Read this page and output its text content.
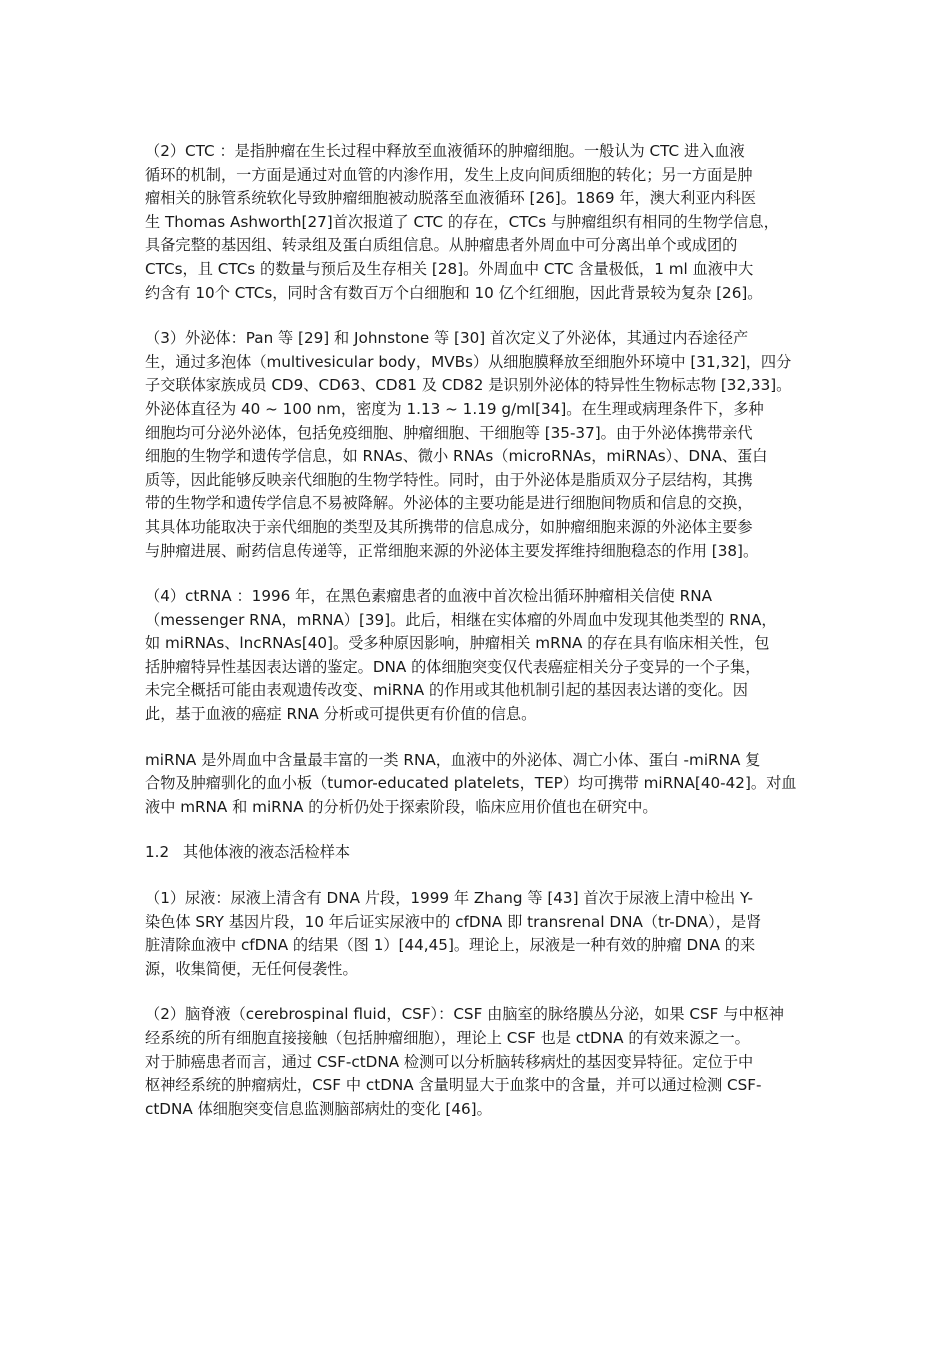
（2）CTC ：是指肿瘤在生长过程中释放至血液循环的肿瘤细胞。一般认为 CTC 进入血液
循环的机制，一方面是通过对血管的内渗作用，发生上皮向间质细胞的转化；另一方面是肿
瘤相关的脉管系统软化导致肿瘤细胞被动脱落至血液循环 [26]。1869 年，澳大利亚内科医
生 Thomas Ashworth[27]首次报道了 CTC 的存在，CTCs 与肿瘤组织有相同的生物学信息，
具备完整的基因组、转录组及蛋白质组信息。从肿瘤患者外周血中可分离出单个或成团的
CTCs，且 CTCs 的数量与预后及生存相关 [28]。外周血中 CTC 含量极低，1 ml 血液中大
约含有 10个 CTCs，同时含有数百万个白细胞和 10 亿个红细胞，因此背景较为复杂 [26]。
（3）外泌体：Pan 等 [29] 和 Johnstone 等 [30] 首次定义了外泌体，其通过内吞途径产
生，通过多泡体（multivesicular body，MVBs）从细胞膜释放至细胞外环境中 [31,32]，四分
子交联体家族成员 CD9、CD63、CD81 及 CD82 是识别外泌体的特异性生物标志物 [32,33]。
外泌体直径为 40 ~ 100 nm，密度为 1.13 ~ 1.19 g/ml[34]。在生理或病理条件下，多种
细胞均可分泌外泌体，包括免疫细胞、肿瘤细胞、干细胞等 [35-37]。由于外泌体携带亲代
细胞的生物学和遗传学信息，如 RNAs、微小 RNAs（microRNAs，miRNAs）、DNA、蛋白
质等，因此能够反映亲代细胞的生物学特性。同时，由于外泌体是脂质双分子层结构，其携
带的生物学和遗传学信息不易被降解。外泌体的主要功能是进行细胞间物质和信息的交换，
其具体功能取决于亲代细胞的类型及其所携带的信息成分，如肿瘤细胞来源的外泌体主要参
与肿瘤进展、耐药信息传递等，正常细胞来源的外泌体主要发挥维持细胞稳态的作用 [38]。
（4）ctRNA ：1996 年，在黑色素瘤患者的血液中首次检出循环肿瘤相关信使 RNA
（messenger RNA，mRNA）[39]。此后，相继在实体瘤的外周血中发现其他类型的 RNA，
如 miRNAs、lncRNAs[40]。受多种原因影响，肿瘤相关 mRNA 的存在具有临床相关性，包
括肿瘤特异性基因表达谱的鉴定。DNA 的体细胞突变仅代表癌症相关分子变异的一个子集，
未完全概括可能由表观遗传改变、miRNA 的作用或其他机制引起的基因表达谱的变化。因
此，基于血液的癌症 RNA 分析或可提供更有价值的信息。
miRNA 是外周血中含量最丰富的一类 RNA，血液中的外泌体、凋亡小体、蛋白 -miRNA 复
合物及肿瘤驯化的血小板（tumor-educated platelets，TEP）均可携带 miRNA[40-42]。对血
液中 mRNA 和 miRNA 的分析仍处于探索阶段，临床应用价值也在研究中。
1.2 其他体液的液态活检样本
（1）尿液：尿液上清含有 DNA 片段，1999 年 Zhang 等 [43] 首次于尿液上清中检出 Y-
染色体 SRY 基因片段，10 年后证实尿液中的 cfDNA 即 transrenal DNA（tr-DNA），是肾
脏清除血液中 cfDNA 的结果（图 1）[44,45]。理论上，尿液是一种有效的肿瘤 DNA 的来
源，收集简便，无任何侵袭性。
（2）脑脊液（cerebrospinal fluid，CSF）：CSF 由脑室的脉络膜丛分泌，如果 CSF 与中枢神
经系统的所有细胞直接接触（包括肿瘤细胞），理论上 CSF 也是 ctDNA 的有效来源之一。
对于肺癌患者而言，通过 CSF-ctDNA 检测可以分析脑转移病灶的基因变异特征。定位于中
枢神经系统的肿瘤病灶，CSF 中 ctDNA 含量明显大于血浆中的含量，并可以通过检测 CSF-
ctDNA 体细胞突变信息监测脑部病灶的变化 [46]。
